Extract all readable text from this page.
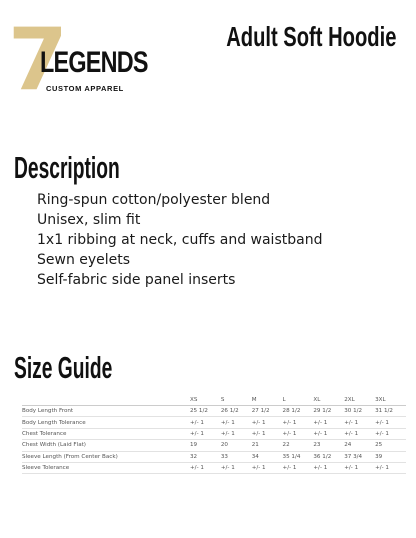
7
LEGENDS
CUSTOM APPAREL
Adult Soft Hoodie
Description
Ring-spun cotton/polyester blend
Unisex, slim fit
1x1 ribbing at neck, cuffs and waistband
Sewn eyelets
Self-fabric side panel inserts
Size Guide
	XS	S	M	L	XL	2XL	3XL
Body Length Front	25 1/2	26 1/2	27 1/2	28 1/2	29 1/2	30 1/2	31 1/2
Body Length Tolerance	+/- 1	+/- 1	+/- 1	+/- 1	+/- 1	+/- 1	+/- 1
Chest Tolerance	+/- 1	+/- 1	+/- 1	+/- 1	+/- 1	+/- 1	+/- 1
Chest Width (Laid Flat)	19	20	21	22	23	24	25
Sleeve Length (From Center Back)	32	33	34	35 1/4	36 1/2	37 3/4	39
Sleeve Tolerance	+/- 1	+/- 1	+/- 1	+/- 1	+/- 1	+/- 1	+/- 1
